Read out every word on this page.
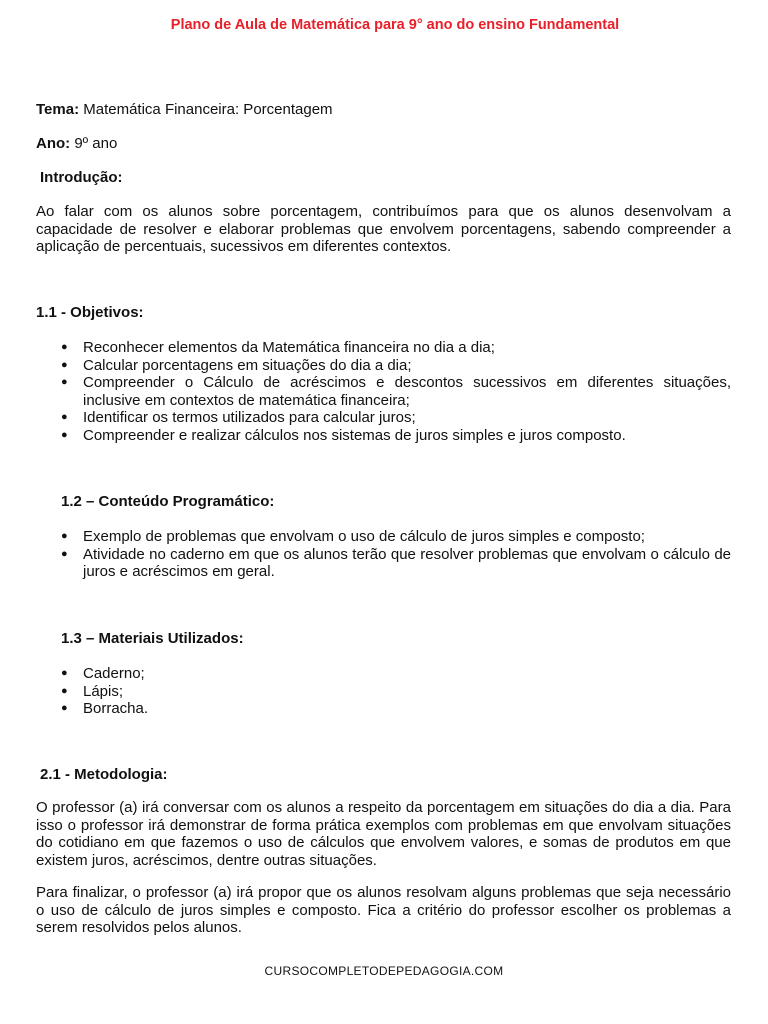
Plano de Aula de Matemática para 9° ano do ensino Fundamental
Tema: Matemática Financeira: Porcentagem
Ano: 9º ano
Introdução:
Ao falar com os alunos sobre porcentagem, contribuímos para que os alunos desenvolvam a capacidade de resolver e elaborar problemas que envolvem porcentagens, sabendo compreender a aplicação de percentuais, sucessivos em diferentes contextos.
1.1 - Objetivos:
● Reconhecer elementos da Matemática financeira no dia a dia;
● Calcular porcentagens em situações do dia a dia;
● Compreender o Cálculo de acréscimos e descontos sucessivos em diferentes situações, inclusive em contextos de matemática financeira;
● Identificar os termos utilizados para calcular juros;
● Compreender e realizar cálculos nos sistemas de juros simples e juros composto.
1.2 – Conteúdo Programático:
● Exemplo de problemas que envolvam o uso de cálculo de juros simples e composto;
● Atividade no caderno em que os alunos terão que resolver problemas que envolvam o cálculo de juros e acréscimos em geral.
1.3 – Materiais Utilizados:
● Caderno;
● Lápis;
● Borracha.
2.1 - Metodologia:
O professor (a) irá conversar com os alunos a respeito da porcentagem em situações do dia a dia. Para isso o professor irá demonstrar de forma prática exemplos com problemas em que envolvam situações do cotidiano em que fazemos o uso de cálculos que envolvem valores, e somas de produtos em que existem juros, acréscimos, dentre outras situações.
Para finalizar, o professor (a) irá propor que os alunos resolvam alguns problemas que seja necessário o uso de cálculo de juros simples e composto. Fica a critério do professor escolher os problemas a serem resolvidos pelos alunos.
CURSOCOMPLETODEPEDAGOGIA.COM
